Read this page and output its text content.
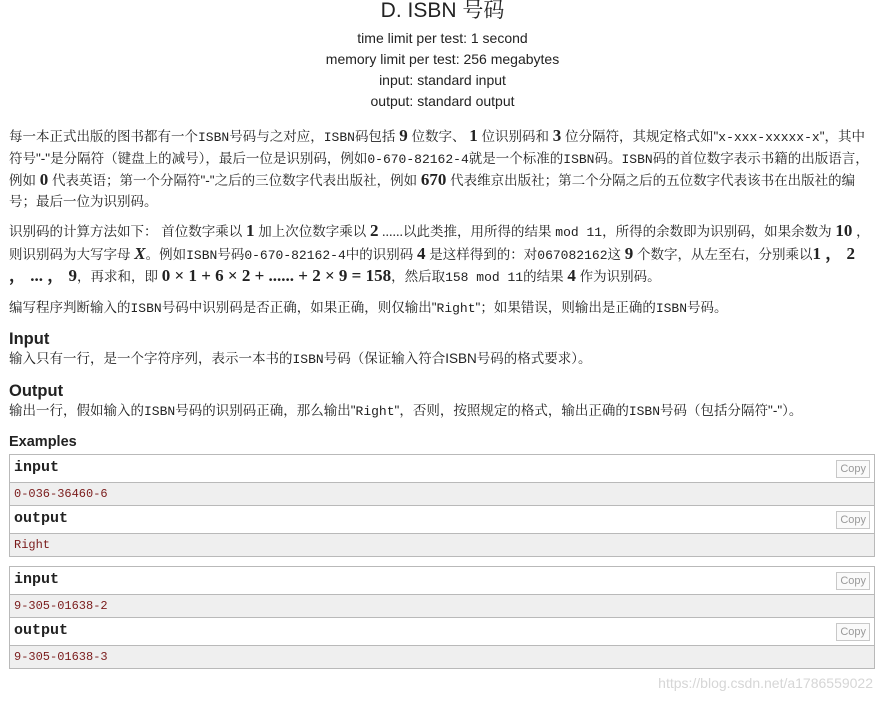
D. ISBN 号码
time limit per test: 1 second
memory limit per test: 256 megabytes
input: standard input
output: standard output

每一本正式出版的图书都有一个ISBN号码与之对应，ISBN码包括 9 位数字、 1 位识别码和 3 位分隔符，其规定格式如"x-xxx-xxxxx-x"，其中符号"-"是分隔符（键盘上的减号），最后一位是识别码，例如0-670-82162-4就是一个标准的ISBN码。ISBN码的首位数字表示书籍的出版语言，例如 0 代表英语；第一个分隔符"-"之后的三位数字代表出版社，例如 670 代表维京出版社；第二个分隔之后的五位数字代表该书在出版社的编号；最后一位为识别码。

识别码的计算方法如下： 首位数字乘以 1 加上次位数字乘以 2 ......以此类推，用所得的结果 mod 11，所得的余数即为识别码，如果余数为 10 ，则识别码为大写字母 X。例如ISBN号码0-670-82162-4中的识别码 4 是这样得到的：对067082162这 9 个数字，从左至右，分别乘以1 ， 2 ， ... ， 9，再求和，即 0 × 1 + 6 × 2 + ...... + 2 × 9 = 158，然后取158 mod 11的结果 4 作为识别码。

编写程序判断输入的ISBN号码中识别码是否正确，如果正确，则仅输出"Right"；如果错误，则输出是正确的ISBN号码。

Input

输入只有一行，是一个字符序列，表示一本书的ISBN号码（保证输入符合ISBN号码的格式要求）。

Output

输出一行，假如输入的ISBN号码的识别码正确，那么输出"Right"，否则，按照规定的格式，输出正确的ISBN号码（包括分隔符"-"）。

Examples
input	Copy
0-036-36460-6
output	Copy
Right
input	Copy
9-305-01638-2
output	Copy
9-305-01638-3
https://blog.csdn.net/a1786559022
